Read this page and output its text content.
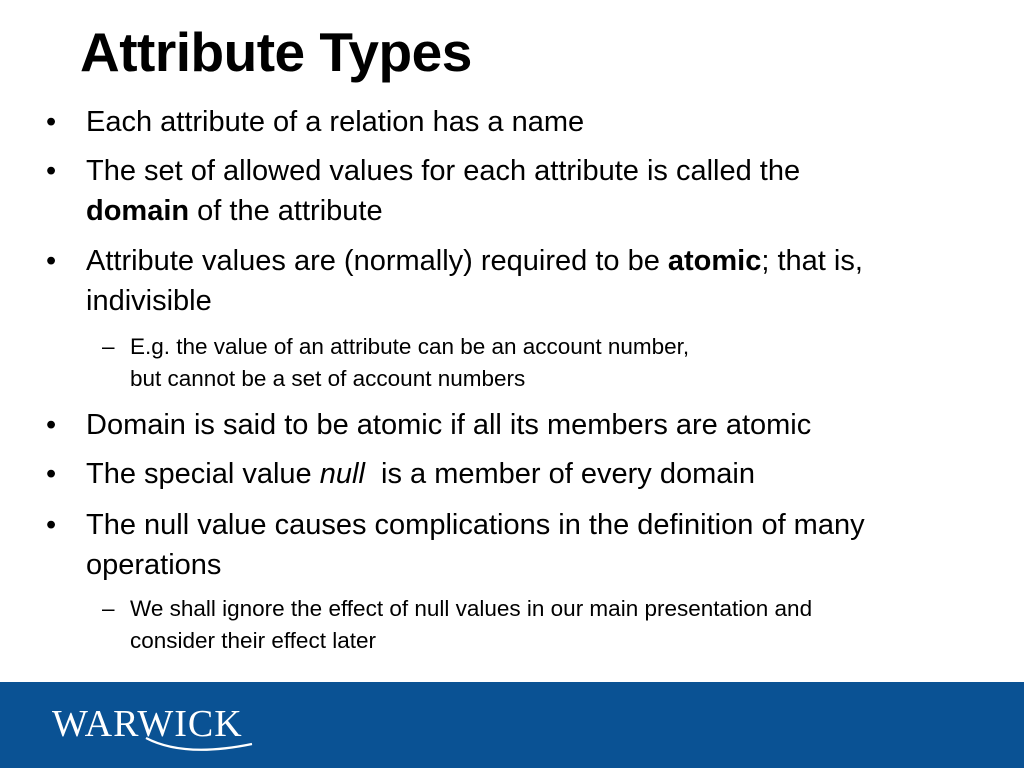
Attribute Types
• Each attribute of a relation has a name
• The set of allowed values for each attribute is called the
domain of the attribute
• Attribute values are (normally) required to be atomic; that is,
indivisible
– E.g. the value of an attribute can be an account number,
but cannot be a set of account numbers
• Domain is said to be atomic if all its members are atomic
• The special value null  is a member of every domain
• The null value causes complications in the definition of many
operations
– We shall ignore the effect of null values in our main presentation and
consider their effect later
WARWICK
